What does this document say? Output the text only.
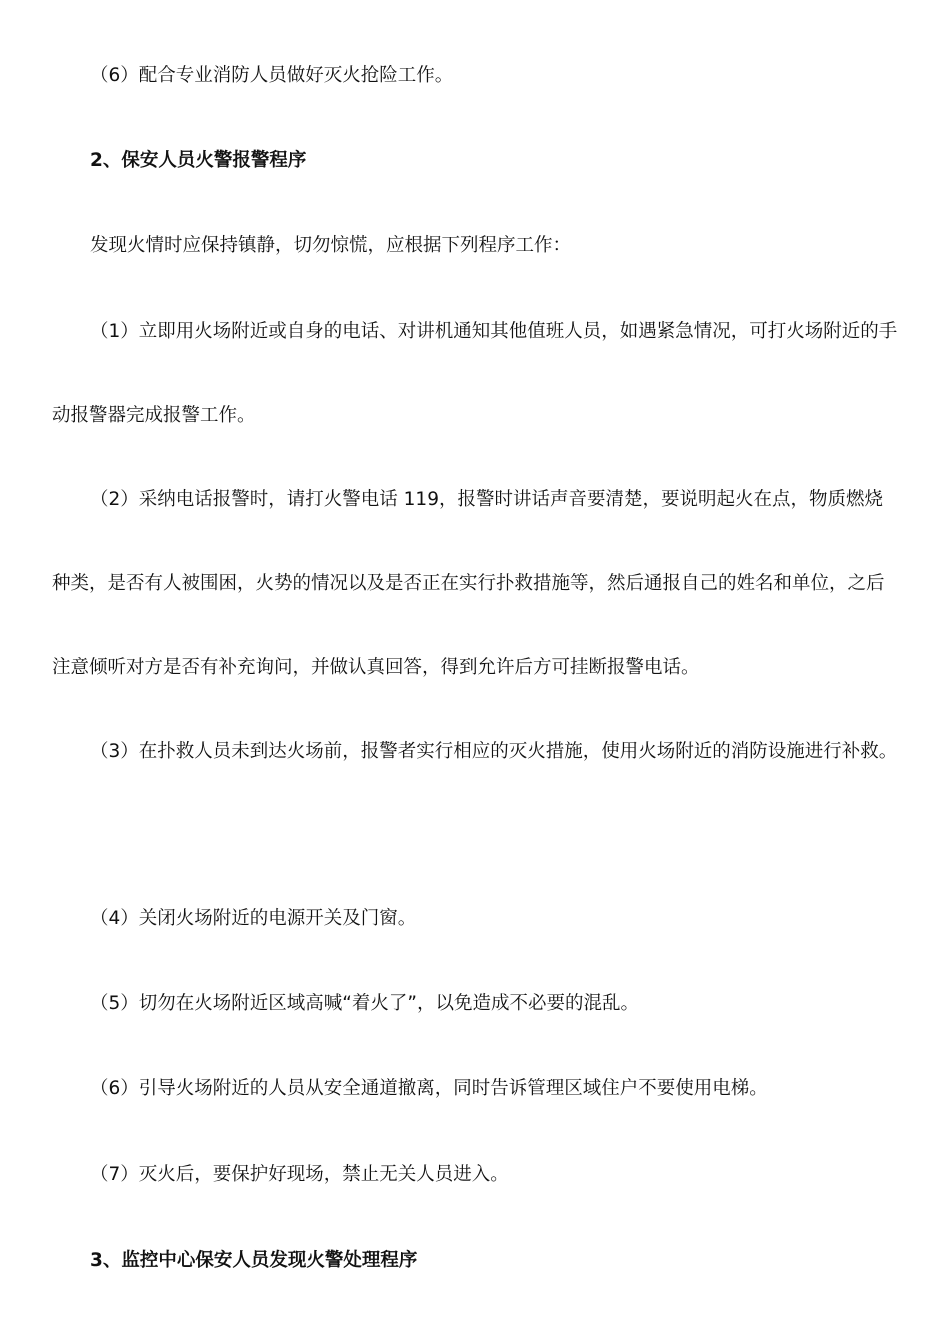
（6）配合专业消防人员做好灭火抢险工作。

2、保安人员火警报警程序

发现火情时应保持镇静，切勿惊慌，应根据下列程序工作：

（1）立即用火场附近或自身的电话、对讲机通知其他值班人员，如遇紧急情况，可打火场附近的手动报警器完成报警工作。

（2）采纳电话报警时，请打火警电话 119，报警时讲话声音要清楚，要说明起火在点，物质燃烧种类，是否有人被围困，火势的情况以及是否正在实行扑救措施等，然后通报自己的姓名和单位，之后注意倾听对方是否有补充询问，并做认真回答，得到允许后方可挂断报警电话。

（3）在扑救人员未到达火场前，报警者实行相应的灭火措施，使用火场附近的消防设施进行补救。

（4）关闭火场附近的电源开关及门窗。

（5）切勿在火场附近区域高喊“着火了”，以免造成不必要的混乱。

（6）引导火场附近的人员从安全通道撤离，同时告诉管理区域住户不要使用电梯。

（7）灭火后，要保护好现场，禁止无关人员进入。

3、监控中心保安人员发现火警处理程序
